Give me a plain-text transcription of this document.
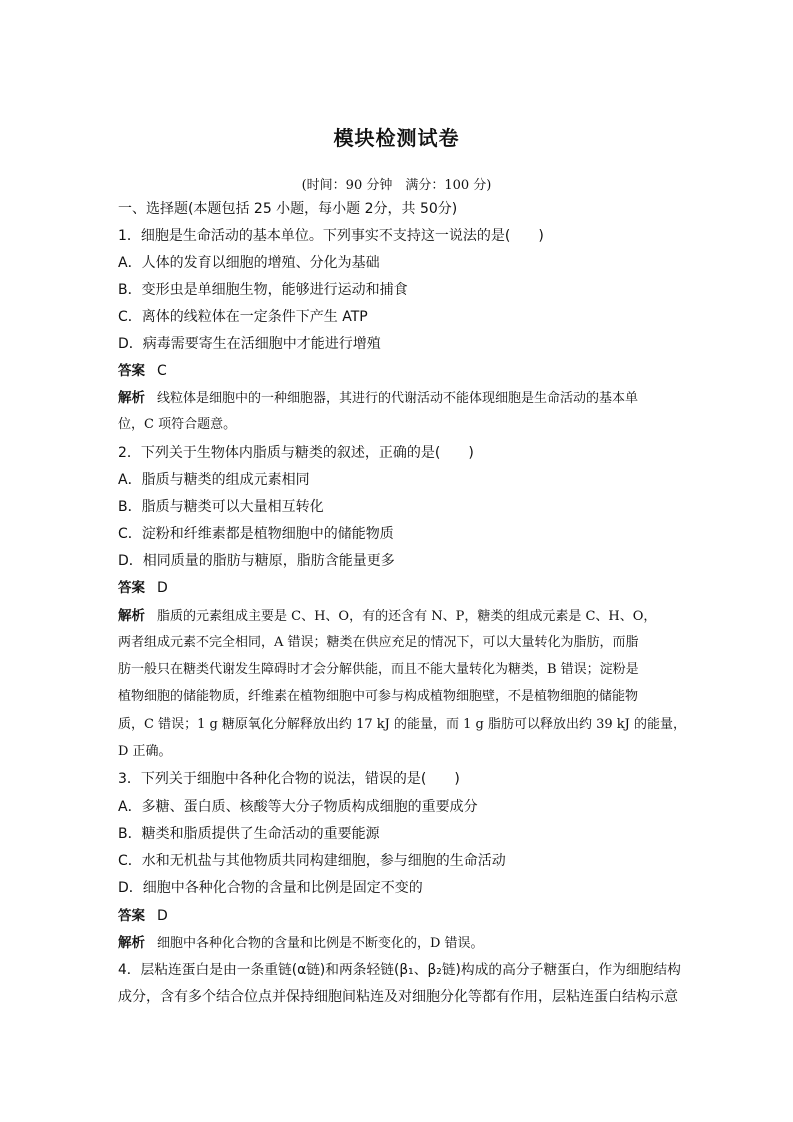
模块检测试卷
(时间：90 分钟　满分：100 分)
一、选择题(本题包括 25 小题，每小题 2分，共 50分)
1．细胞是生命活动的基本单位。下列事实不支持这一说法的是(　　)
A．人体的发育以细胞的增殖、分化为基础
B．变形虫是单细胞生物，能够进行运动和捕食
C．离体的线粒体在一定条件下产生 ATP
D．病毒需要寄生在活细胞中才能进行增殖
答案 C
解析 线粒体是细胞中的一种细胞器，其进行的代谢活动不能体现细胞是生命活动的基本单
位，C 项符合题意。
2．下列关于生物体内脂质与糖类的叙述，正确的是(　　)
A．脂质与糖类的组成元素相同
B．脂质与糖类可以大量相互转化
C．淀粉和纤维素都是植物细胞中的储能物质
D．相同质量的脂肪与糖原，脂肪含能量更多
答案 D
解析 脂质的元素组成主要是 C、H、O，有的还含有 N、P，糖类的组成元素是 C、H、O，
两者组成元素不完全相同，A 错误；糖类在供应充足的情况下，可以大量转化为脂肪，而脂
肪一般只在糖类代谢发生障碍时才会分解供能，而且不能大量转化为糖类，B 错误；淀粉是
植物细胞的储能物质，纤维素在植物细胞中可参与构成植物细胞壁，不是植物细胞的储能物
质，C 错误；1 g 糖原氧化分解释放出约 17 kJ 的能量，而 1 g 脂肪可以释放出约 39 kJ 的能量，
D 正确。
3．下列关于细胞中各种化合物的说法，错误的是(　　)
A．多糖、蛋白质、核酸等大分子物质构成细胞的重要成分
B．糖类和脂质提供了生命活动的重要能源
C．水和无机盐与其他物质共同构建细胞，参与细胞的生命活动
D．细胞中各种化合物的含量和比例是固定不变的
答案 D
解析 细胞中各种化合物的含量和比例是不断变化的，D 错误。
4．层粘连蛋白是由一条重链(α链)和两条轻链(β₁、β₂链)构成的高分子糖蛋白，作为细胞结构
成分，含有多个结合位点并保持细胞间粘连及对细胞分化等都有作用，层粘连蛋白结构示意
